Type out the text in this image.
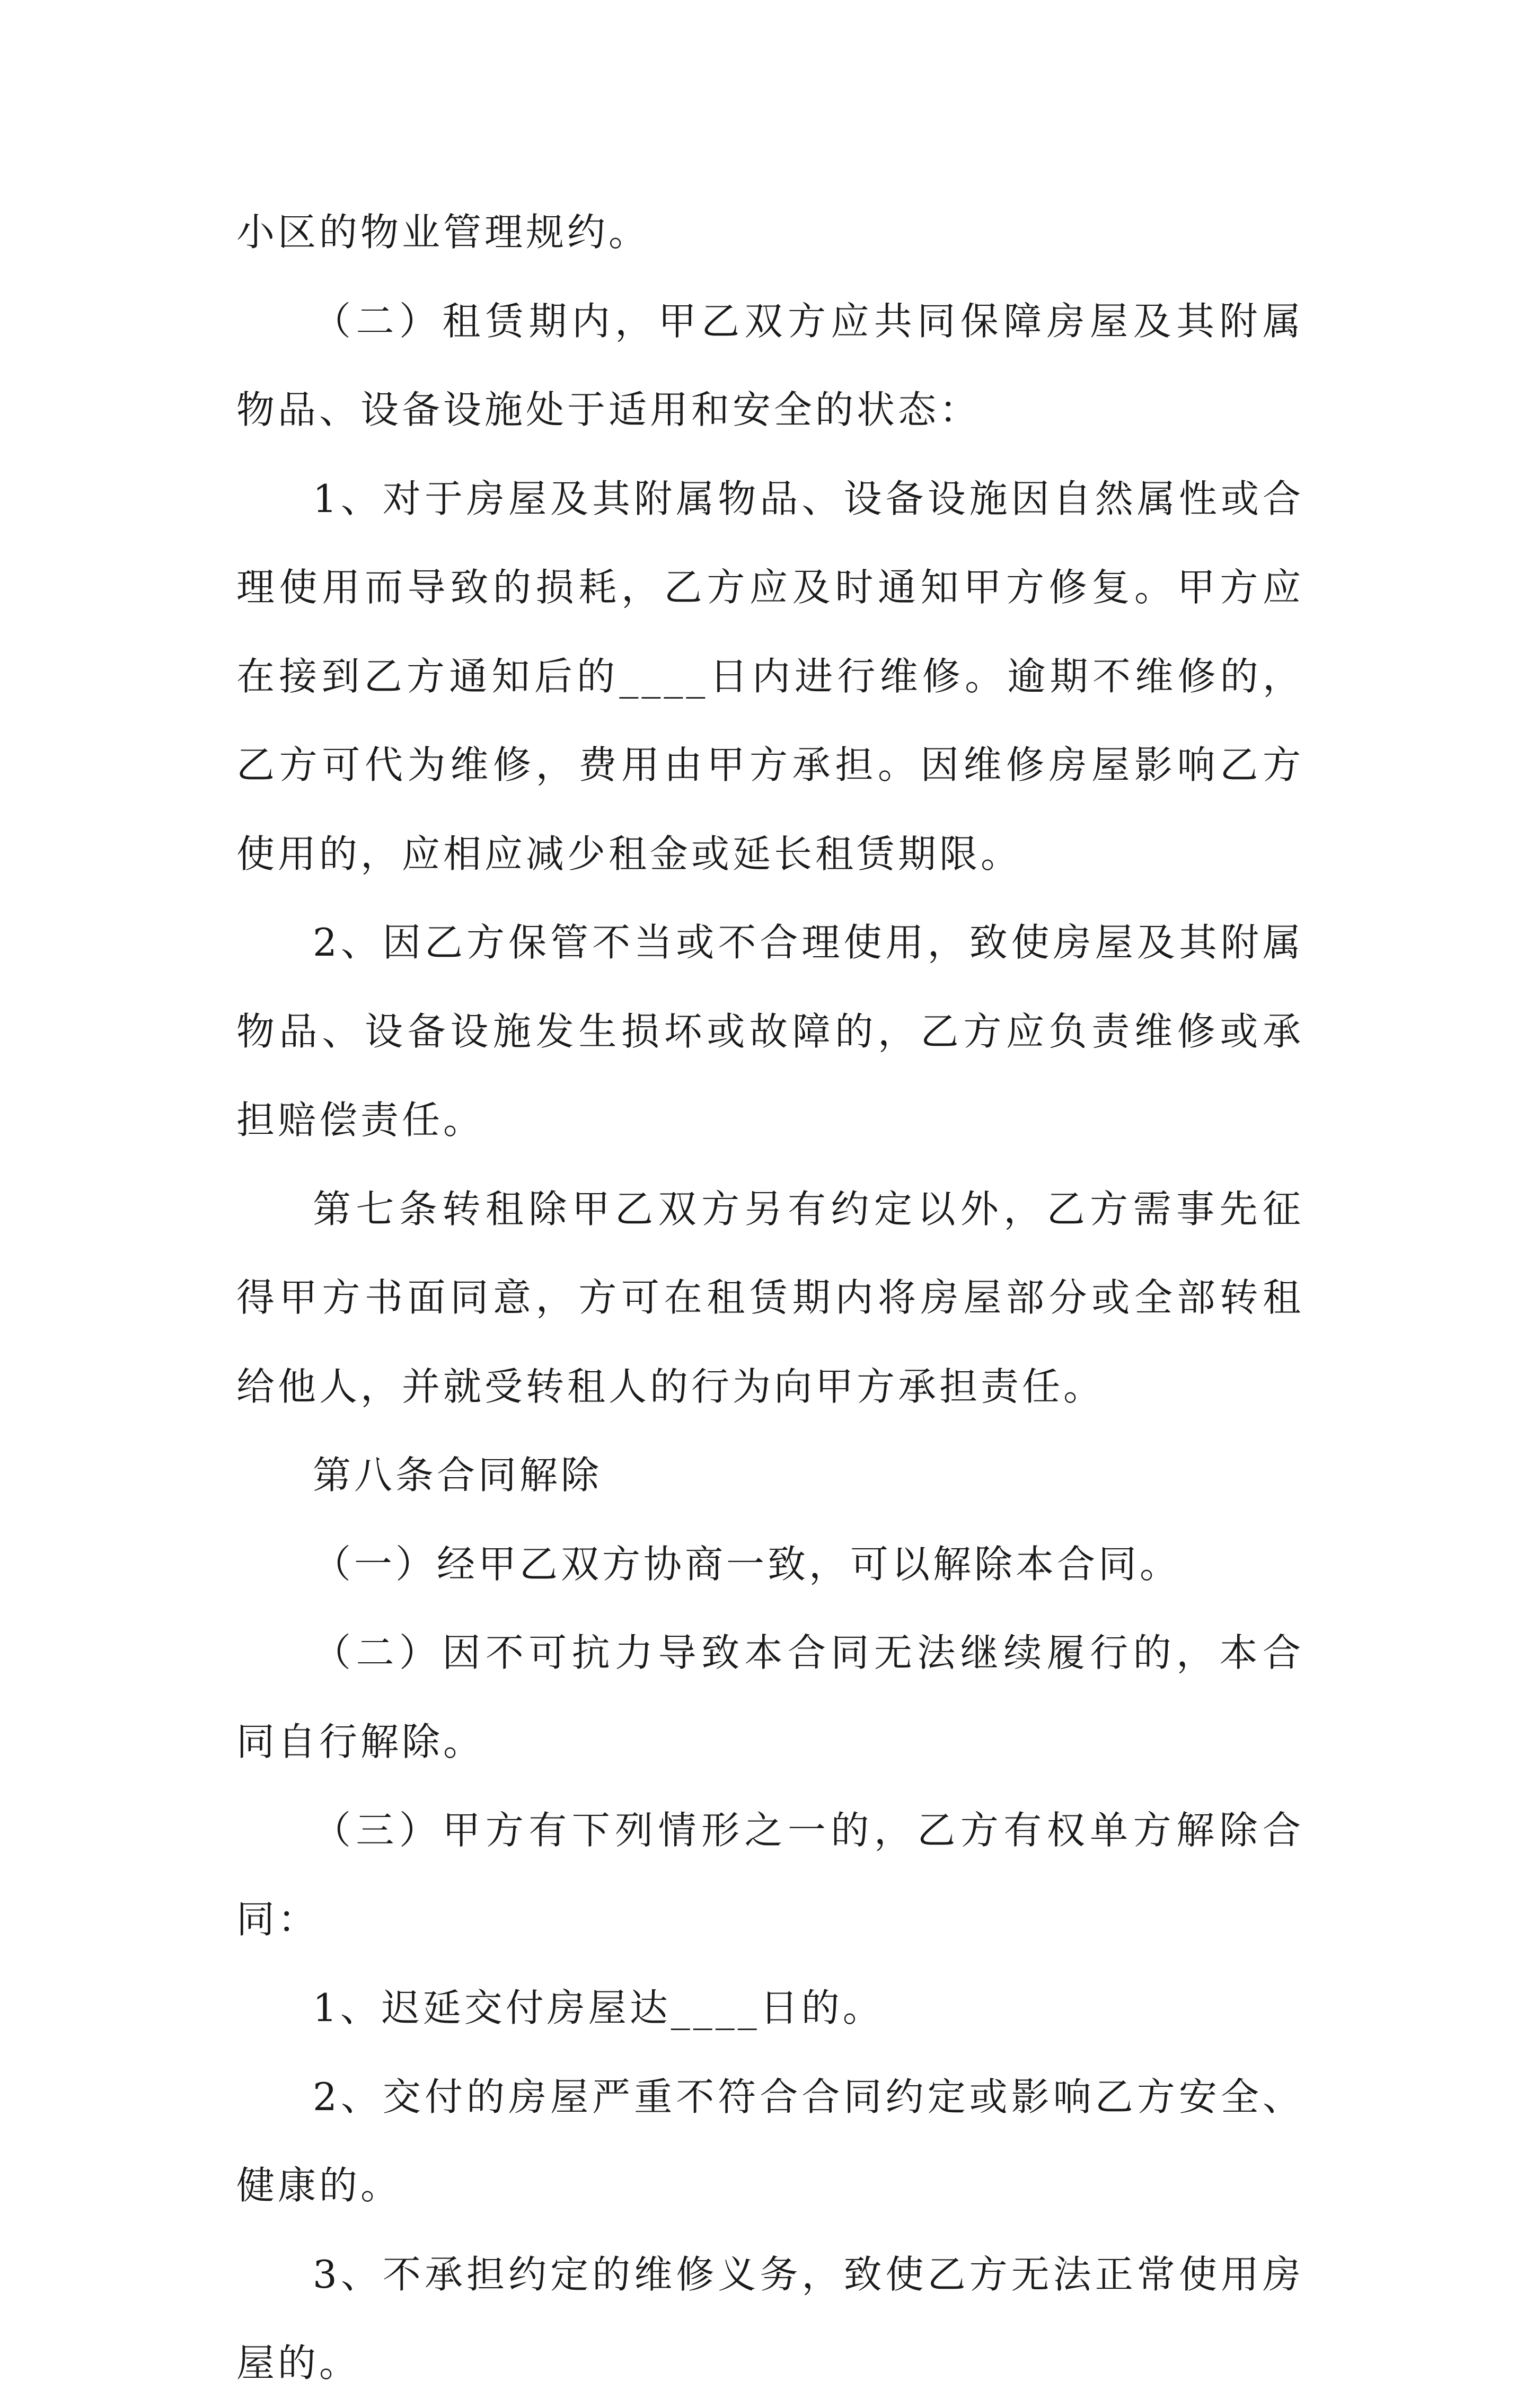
小区的物业管理规约。

（二）租赁期内，甲乙双方应共同保障房屋及其附属物品、设备设施处于适用和安全的状态：

1、对于房屋及其附属物品、设备设施因自然属性或合理使用而导致的损耗，乙方应及时通知甲方修复。甲方应在接到乙方通知后的____日内进行维修。逾期不维修的，乙方可代为维修，费用由甲方承担。因维修房屋影响乙方使用的，应相应减少租金或延长租赁期限。

2、因乙方保管不当或不合理使用，致使房屋及其附属物品、设备设施发生损坏或故障的，乙方应负责维修或承担赔偿责任。

第七条转租除甲乙双方另有约定以外，乙方需事先征得甲方书面同意，方可在租赁期内将房屋部分或全部转租给他人，并就受转租人的行为向甲方承担责任。

第八条合同解除

（一）经甲乙双方协商一致，可以解除本合同。

（二）因不可抗力导致本合同无法继续履行的，本合同自行解除。

（三）甲方有下列情形之一的，乙方有权单方解除合同：

1、迟延交付房屋达____日的。

2、交付的房屋严重不符合合同约定或影响乙方安全、健康的。

3、不承担约定的维修义务，致使乙方无法正常使用房屋的。
